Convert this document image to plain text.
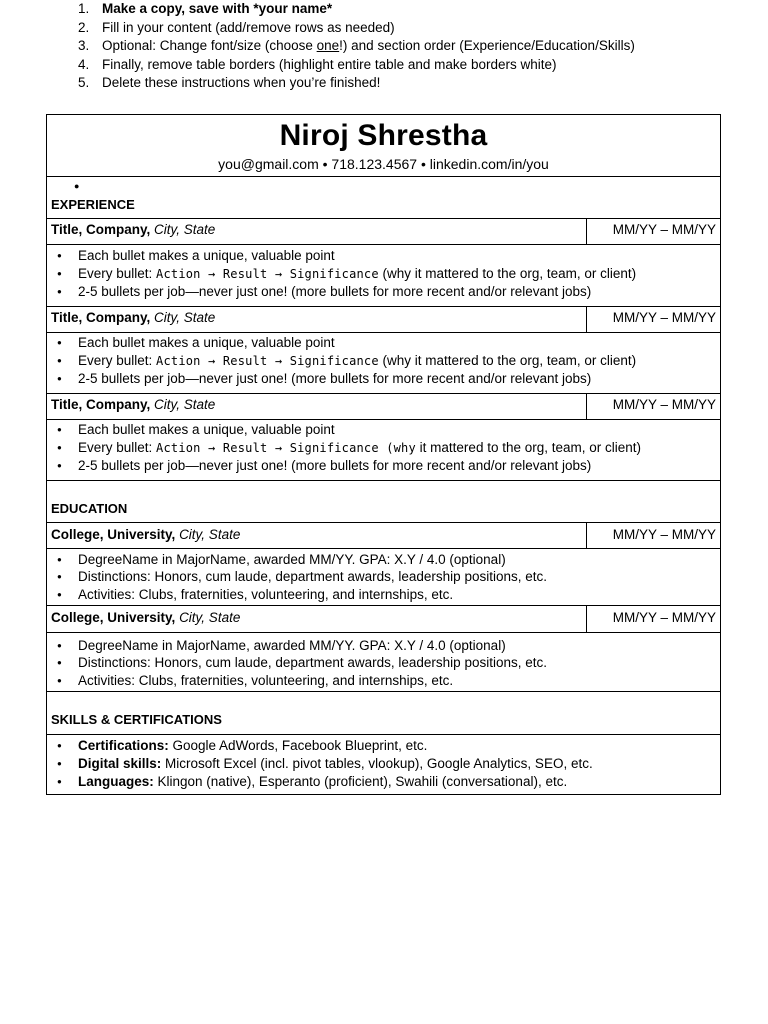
1. Make a copy, save with *your name*
2. Fill in your content (add/remove rows as needed)
3. Optional: Change font/size (choose one!) and section order (Experience/Education/Skills)
4. Finally, remove table borders (highlight entire table and make borders white)
5. Delete these instructions when you’re finished!
Niroj Shrestha
you@gmail.com • 718.123.4567 • linkedin.com/in/you
●
EXPERIENCE
Title, Company, City, State	MM/YY – MM/YY
● Each bullet makes a unique, valuable point
● Every bullet: Action → Result → Significance (why it mattered to the org, team, or client)
● 2-5 bullets per job—never just one! (more bullets for more recent and/or relevant jobs)
Title, Company, City, State	MM/YY – MM/YY
● Each bullet makes a unique, valuable point
● Every bullet: Action → Result → Significance (why it mattered to the org, team, or client)
● 2-5 bullets per job—never just one! (more bullets for more recent and/or relevant jobs)
Title, Company, City, State	MM/YY – MM/YY
● Each bullet makes a unique, valuable point
● Every bullet: Action → Result → Significance (why it mattered to the org, team, or client)
● 2-5 bullets per job—never just one! (more bullets for more recent and/or relevant jobs)
EDUCATION
College, University, City, State	MM/YY – MM/YY
● DegreeName in MajorName, awarded MM/YY. GPA: X.Y / 4.0 (optional)
● Distinctions: Honors, cum laude, department awards, leadership positions, etc.
● Activities: Clubs, fraternities, volunteering, and internships, etc.
College, University, City, State	MM/YY – MM/YY
● DegreeName in MajorName, awarded MM/YY. GPA: X.Y / 4.0 (optional)
● Distinctions: Honors, cum laude, department awards, leadership positions, etc.
● Activities: Clubs, fraternities, volunteering, and internships, etc.
SKILLS & CERTIFICATIONS
● Certifications: Google AdWords, Facebook Blueprint, etc.
● Digital skills: Microsoft Excel (incl. pivot tables, vlookup), Google Analytics, SEO, etc.
● Languages: Klingon (native), Esperanto (proficient), Swahili (conversational), etc.
